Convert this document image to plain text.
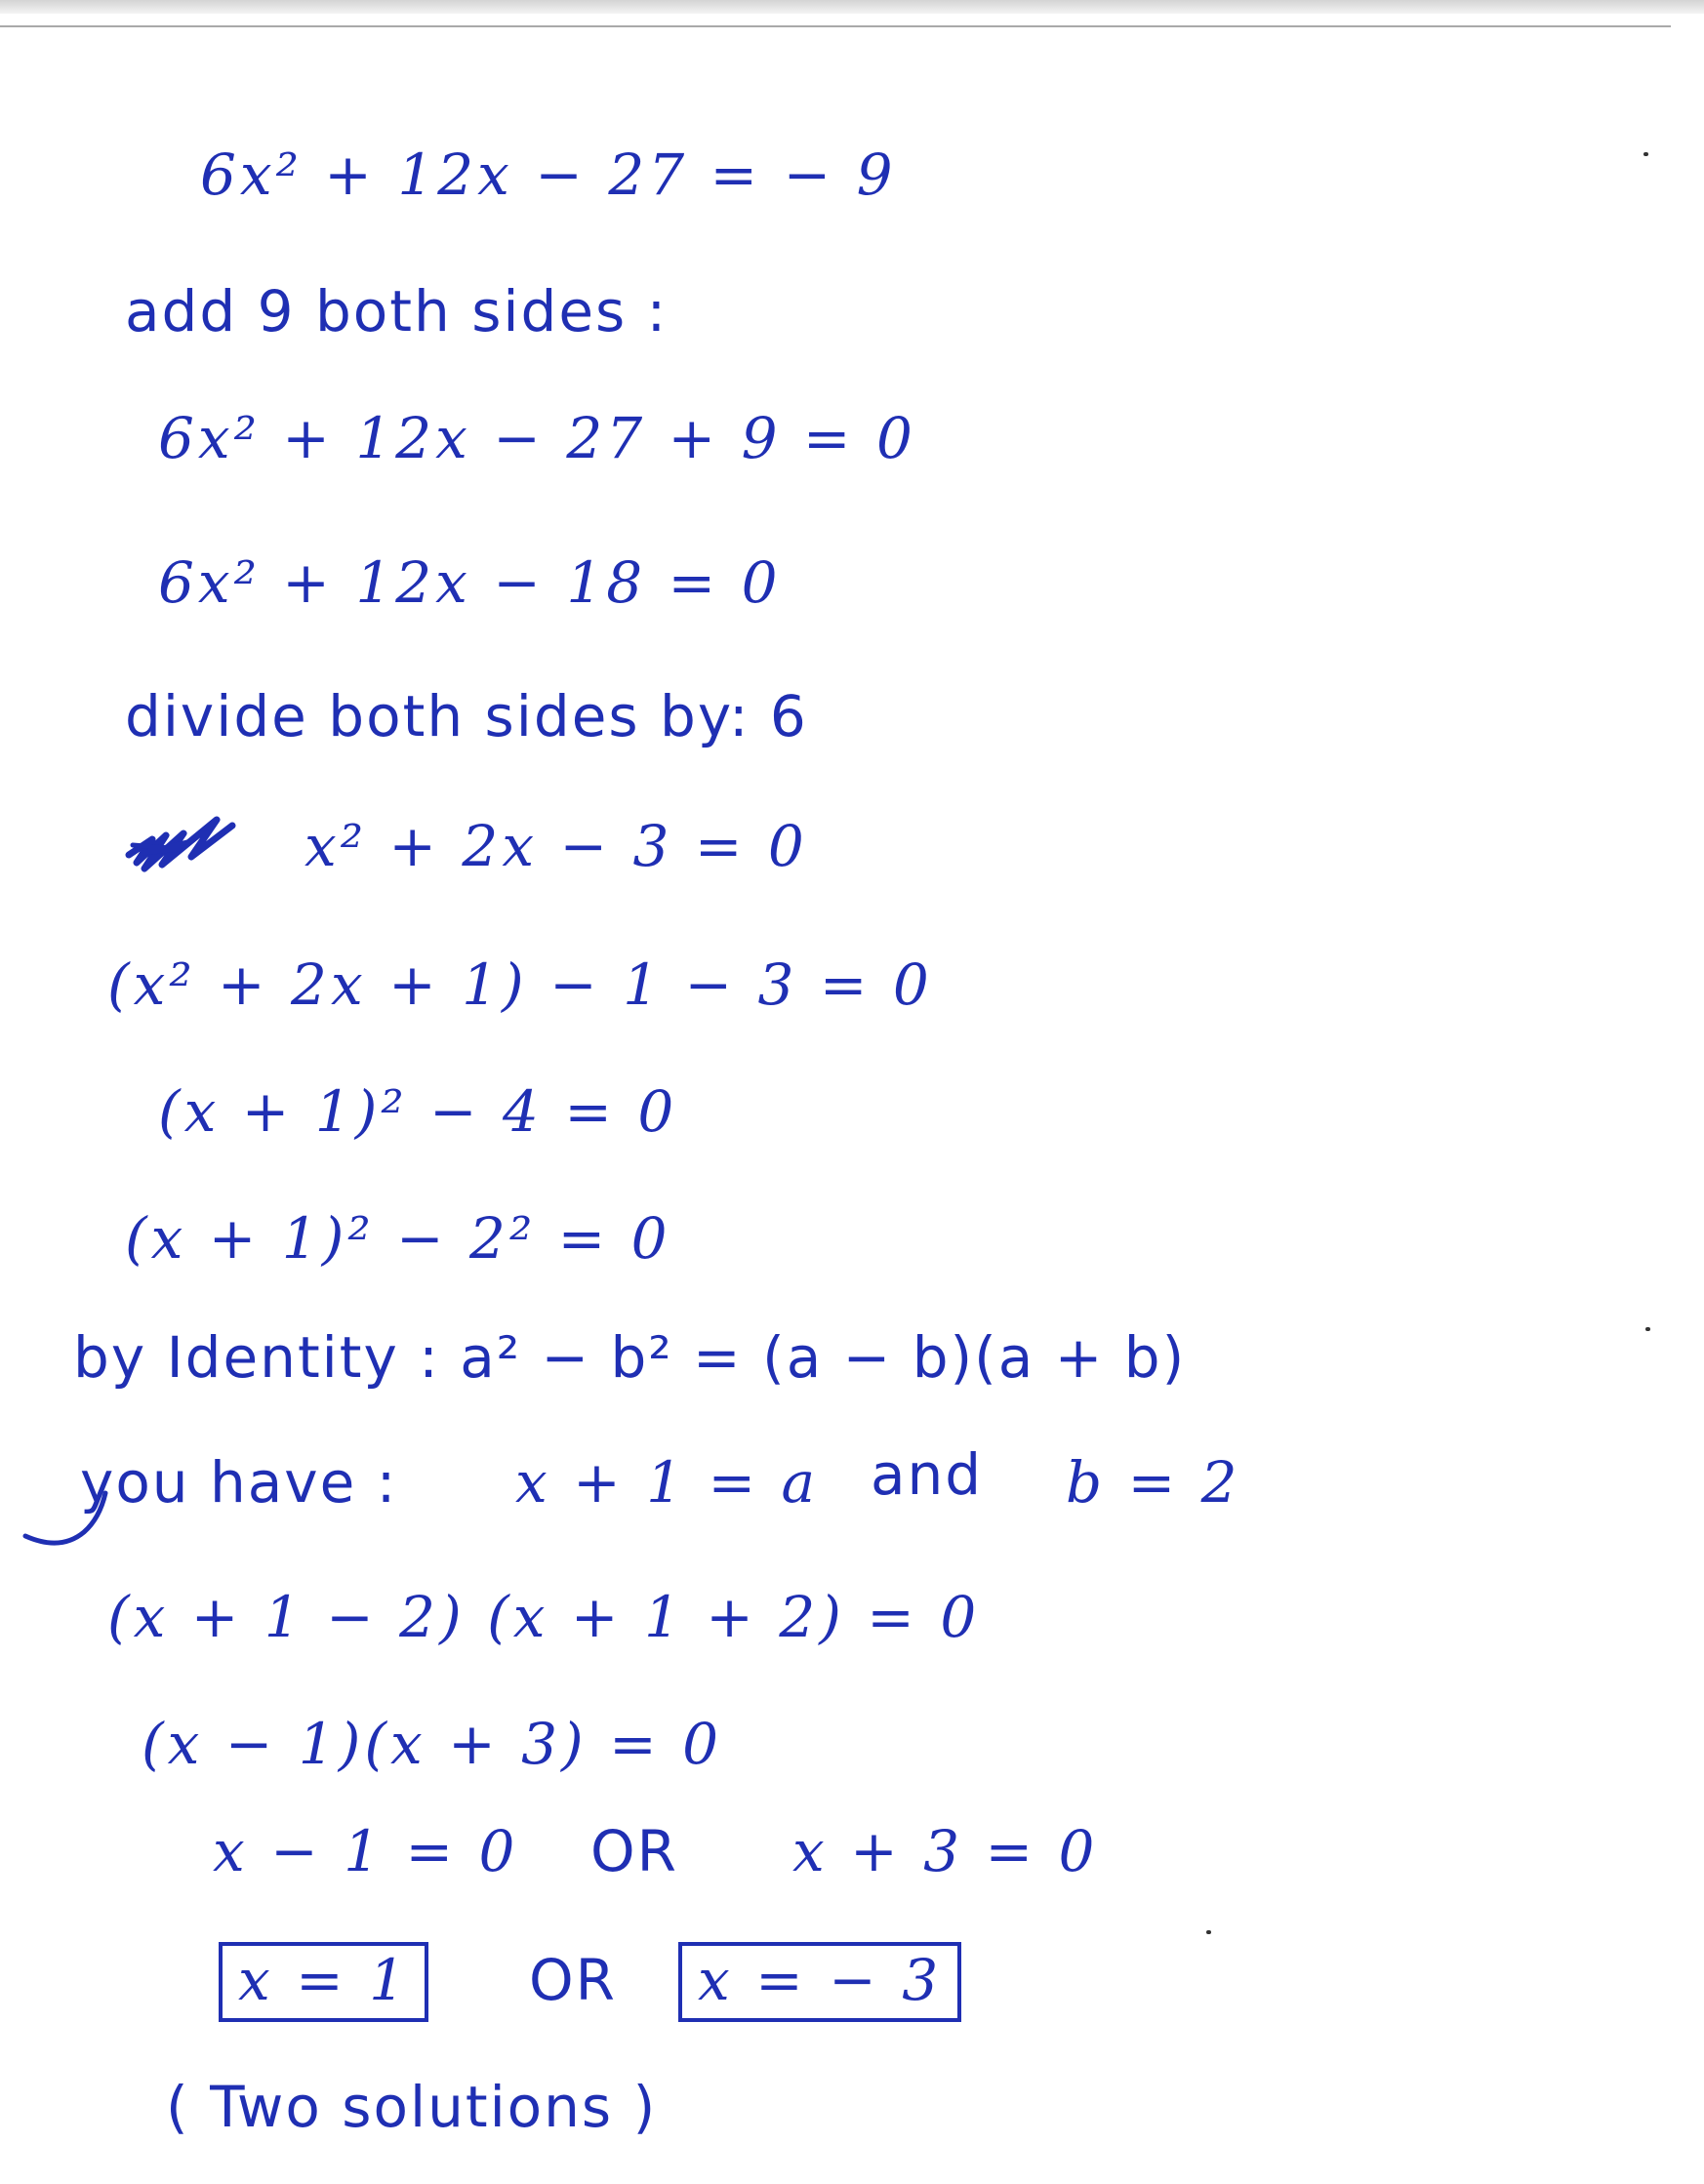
6x² + 12x − 27 = − 9
add 9 both sides :
6x² + 12x − 27 + 9 = 0
6x² + 12x − 18 = 0
divide both sides by: 6
x² + 2x − 3 = 0
(x² + 2x + 1) − 1 − 3 = 0
(x + 1)² − 4 = 0
(x + 1)² − 2² = 0
by Identity : a² − b² = (a − b)(a + b)
you have : x + 1 = a and b = 2
(x + 1 − 2) (x + 1 + 2) = 0
(x − 1)(x + 3) = 0
x − 1 = 0 OR x + 3 = 0
x = 1	OR	x = − 3
( Two solutions )
